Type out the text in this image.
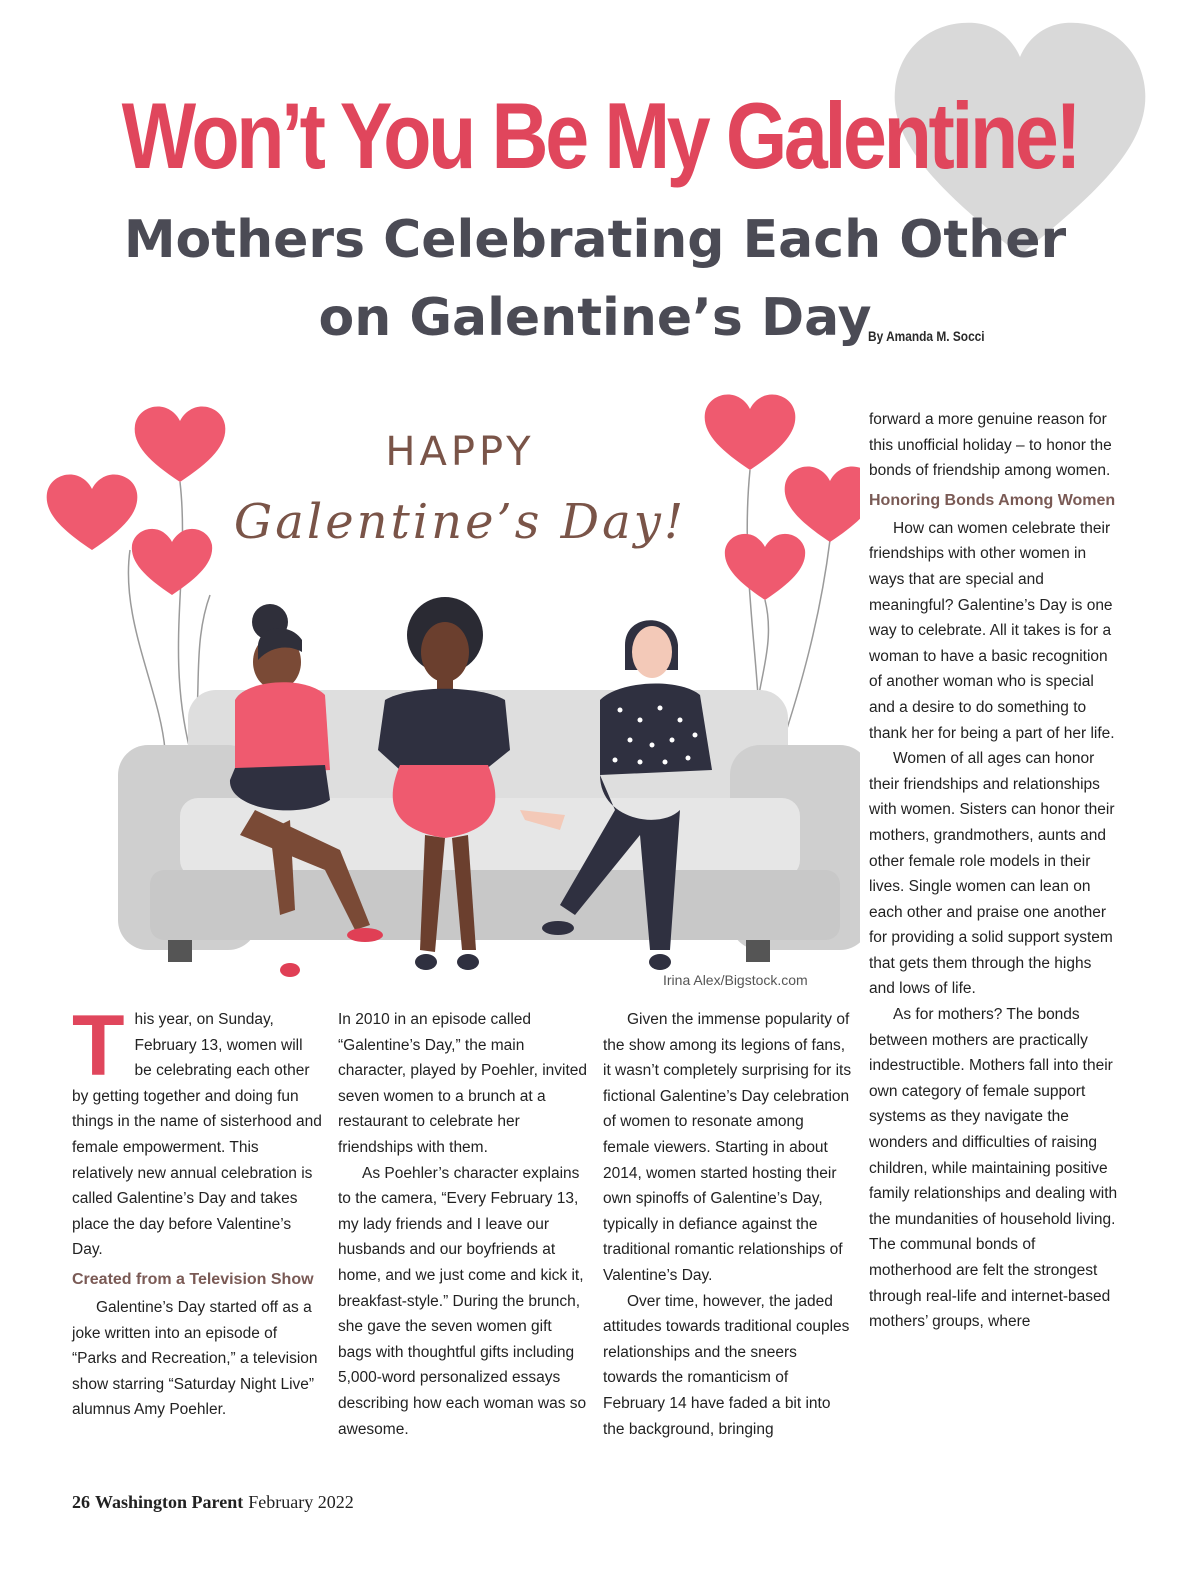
Won’t You Be My Galentine!
Mothers Celebrating Each Other
on Galentine’s Day
By Amanda M. Socci
HAPPY
Galentine’s Day!
Irina Alex/Bigstock.com
T his year, on Sunday, February 13, women will be celebrating each other by getting together and doing fun things in the name of sisterhood and female empowerment. This relatively new annual celebration is called Galentine’s Day and takes place the day before Valentine’s Day.

Created from a Television Show

Galentine’s Day started off as a joke written into an episode of “Parks and Recreation,” a television show starring “Saturday Night Live” alumnus Amy Poehler.

In 2010 in an episode called “Galentine’s Day,” the main character, played by Poehler, invited seven women to a brunch at a restaurant to celebrate her friendships with them.

As Poehler’s character explains to the camera, “Every February 13, my lady friends and I leave our husbands and our boyfriends at home, and we just come and kick it, breakfast-style.” During the brunch, she gave the seven women gift bags with thoughtful gifts including 5,000-word personalized essays describing how each woman was so awesome.

Given the immense popularity of the show among its legions of fans, it wasn’t completely surprising for its fictional Galentine’s Day celebration of women to resonate among female viewers. Starting in about 2014, women started hosting their own spinoffs of Galentine’s Day, typically in defiance against the traditional romantic relationships of Valentine’s Day.

Over time, however, the jaded attitudes towards traditional couples relationships and the sneers towards the romanticism of February 14 have faded a bit into the background, bringing

forward a more genuine reason for this unofficial holiday – to honor the bonds of friendship among women.

Honoring Bonds Among Women

How can women celebrate their friendships with other women in ways that are special and meaningful? Galentine’s Day is one way to celebrate. All it takes is for a woman to have a basic recognition of another woman who is special and a desire to do something to thank her for being a part of her life.

Women of all ages can honor their friendships and relationships with women. Sisters can honor their mothers, grandmothers, aunts and other female role models in their lives. Single women can lean on each other and praise one another for providing a solid support system that gets them through the highs and lows of life.

As for mothers? The bonds between mothers are practically indestructible. Mothers fall into their own category of female support systems as they navigate the wonders and difficulties of raising children, while maintaining positive family relationships and dealing with the mundanities of household living. The communal bonds of motherhood are felt the strongest through real-life and internet-based mothers’ groups, where

26 Washington Parent February 2022
